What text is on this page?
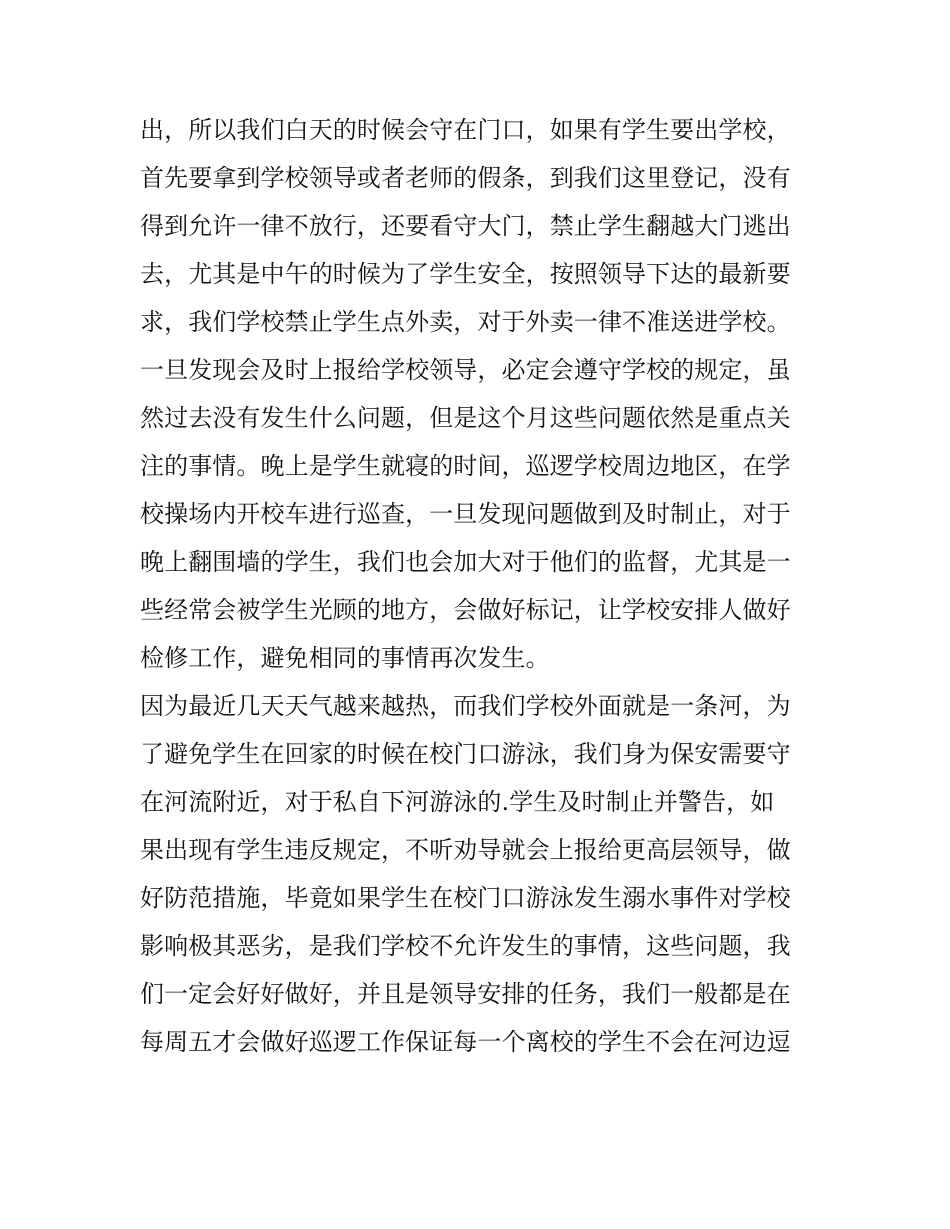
出，所以我们白天的时候会守在门口，如果有学生要出学校，
首先要拿到学校领导或者老师的假条，到我们这里登记，没有
得到允许一律不放行，还要看守大门，禁止学生翻越大门逃出
去，尤其是中午的时候为了学生安全，按照领导下达的最新要
求，我们学校禁止学生点外卖，对于外卖一律不准送进学校。
一旦发现会及时上报给学校领导，必定会遵守学校的规定，虽
然过去没有发生什么问题，但是这个月这些问题依然是重点关
注的事情。晚上是学生就寝的时间，巡逻学校周边地区，在学
校操场内开校车进行巡查，一旦发现问题做到及时制止，对于
晚上翻围墙的学生，我们也会加大对于他们的监督，尤其是一
些经常会被学生光顾的地方，会做好标记，让学校安排人做好
检修工作，避免相同的事情再次发生。
因为最近几天天气越来越热，而我们学校外面就是一条河，为
了避免学生在回家的时候在校门口游泳，我们身为保安需要守
在河流附近，对于私自下河游泳的.学生及时制止并警告，如
果出现有学生违反规定，不听劝导就会上报给更高层领导，做
好防范措施，毕竟如果学生在校门口游泳发生溺水事件对学校
影响极其恶劣，是我们学校不允许发生的事情，这些问题，我
们一定会好好做好，并且是领导安排的任务，我们一般都是在
每周五才会做好巡逻工作保证每一个离校的学生不会在河边逗
